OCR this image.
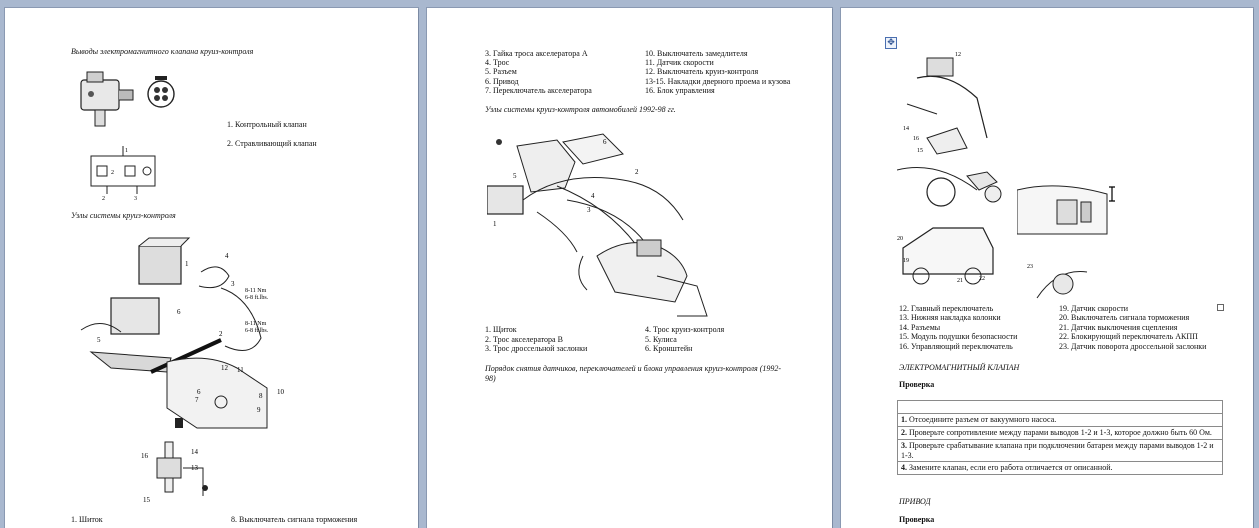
Выводы электромагнитного клапана круиз-контроля
1. Контрольный клапан
2. Стравливающий клапан
1
2
2	3
Узлы системы круиз-контроля
1
4
3
8-11 Nm
6-8 ft.lbs.
8-11 Nm
6-8 ft.lbs.
2
6
5
12 11
10
6
7	8
9
14
16
13
15
1. Шиток	8. Выключатель сигнала торможения
3. Гайка троса акселератора А
4. Трос
5. Разъем
6. Привод
7. Переключатель акселератора
10. Выключатель замедлителя
11. Датчик скорости
12. Выключатель круиз-контроля
13-15. Накладки дверного проема и кузова
16. Блок управления
Узлы системы круиз-контроля автомобилей 1992-98 гг.
6
5
1
2
4
3
1. Щиток
2. Трос акселератора В
3. Трос дроссельной заслонки
4. Трос круиз-контроля
5. Кулиса
6. Кронштейн
Порядок снятия датчиков, переключателей и блока управления круиз-контроля (1992-98)
✥
12
14
16
15
20
19
22
21
23
12. Главный переключатель
13. Нижняя накладка колонки
14. Разъемы
15. Модуль подушки безопасности
16. Управляющий переключатель
19. Датчик скорости
20. Выключатель сигнала торможения
21. Датчик выключения сцепления
22. Блокирующий переключатель АКПП
23. Датчик поворота дроссельной заслонки
ЭЛЕКТРОМАГНИТНЫЙ КЛАПАН
Проверка
1. Отсоедините разъем от вакуумного насоса.
2. Проверьте сопротивление между парами выводов 1-2 и 1-3, которое должно быть 60 Ом.
3. Проверьте срабатывание клапана при подключении батареи между парами выводов 1-2 и 1-3.
4. Замените клапан, если его работа отличается от описанной.
ПРИВОД
Проверка
